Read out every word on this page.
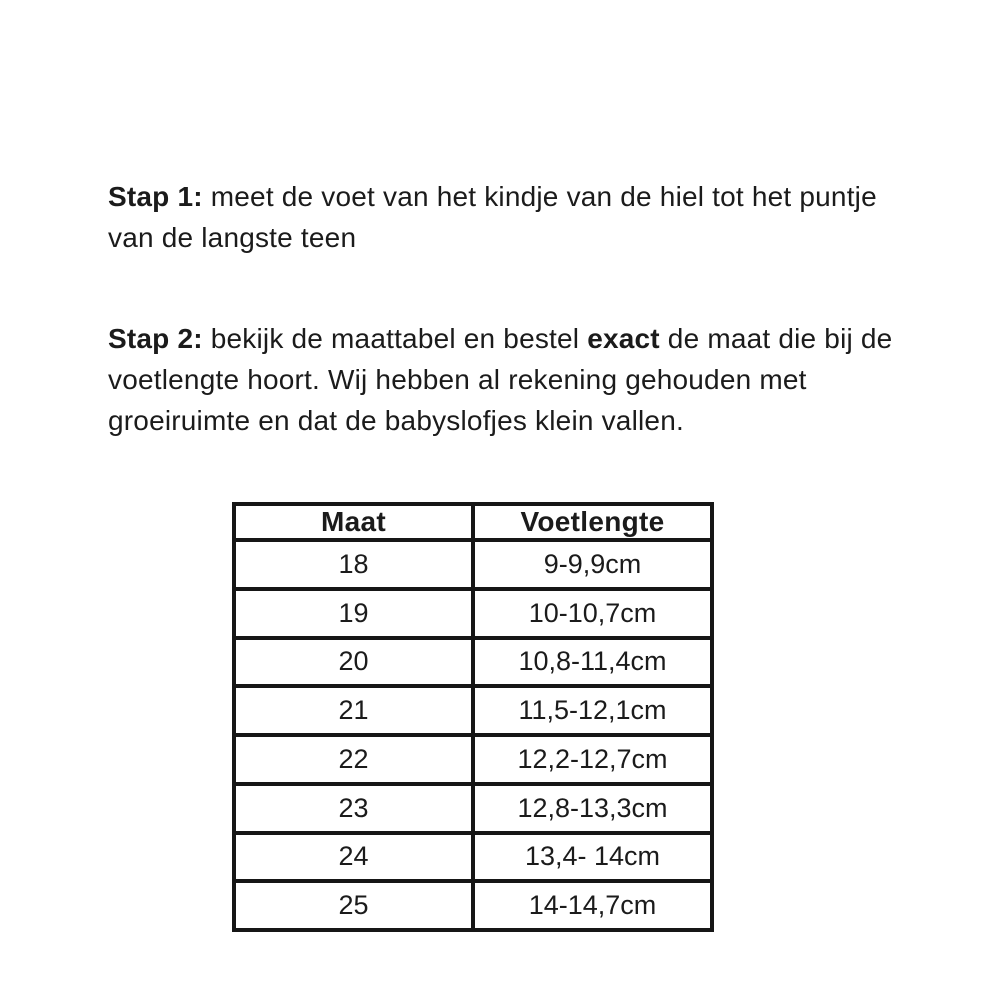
Stap 1: meet de voet van het kindje van de hiel tot het puntje van de langste teen

Stap 2: bekijk de maattabel en bestel exact de maat die bij de voetlengte hoort. Wij hebben al rekening gehouden met groeiruimte en dat de babyslofjes klein vallen.

Maat	Voetlengte
18	9-9,9cm
19	10-10,7cm
20	10,8-11,4cm
21	11,5-12,1cm
22	12,2-12,7cm
23	12,8-13,3cm
24	13,4- 14cm
25	14-14,7cm
